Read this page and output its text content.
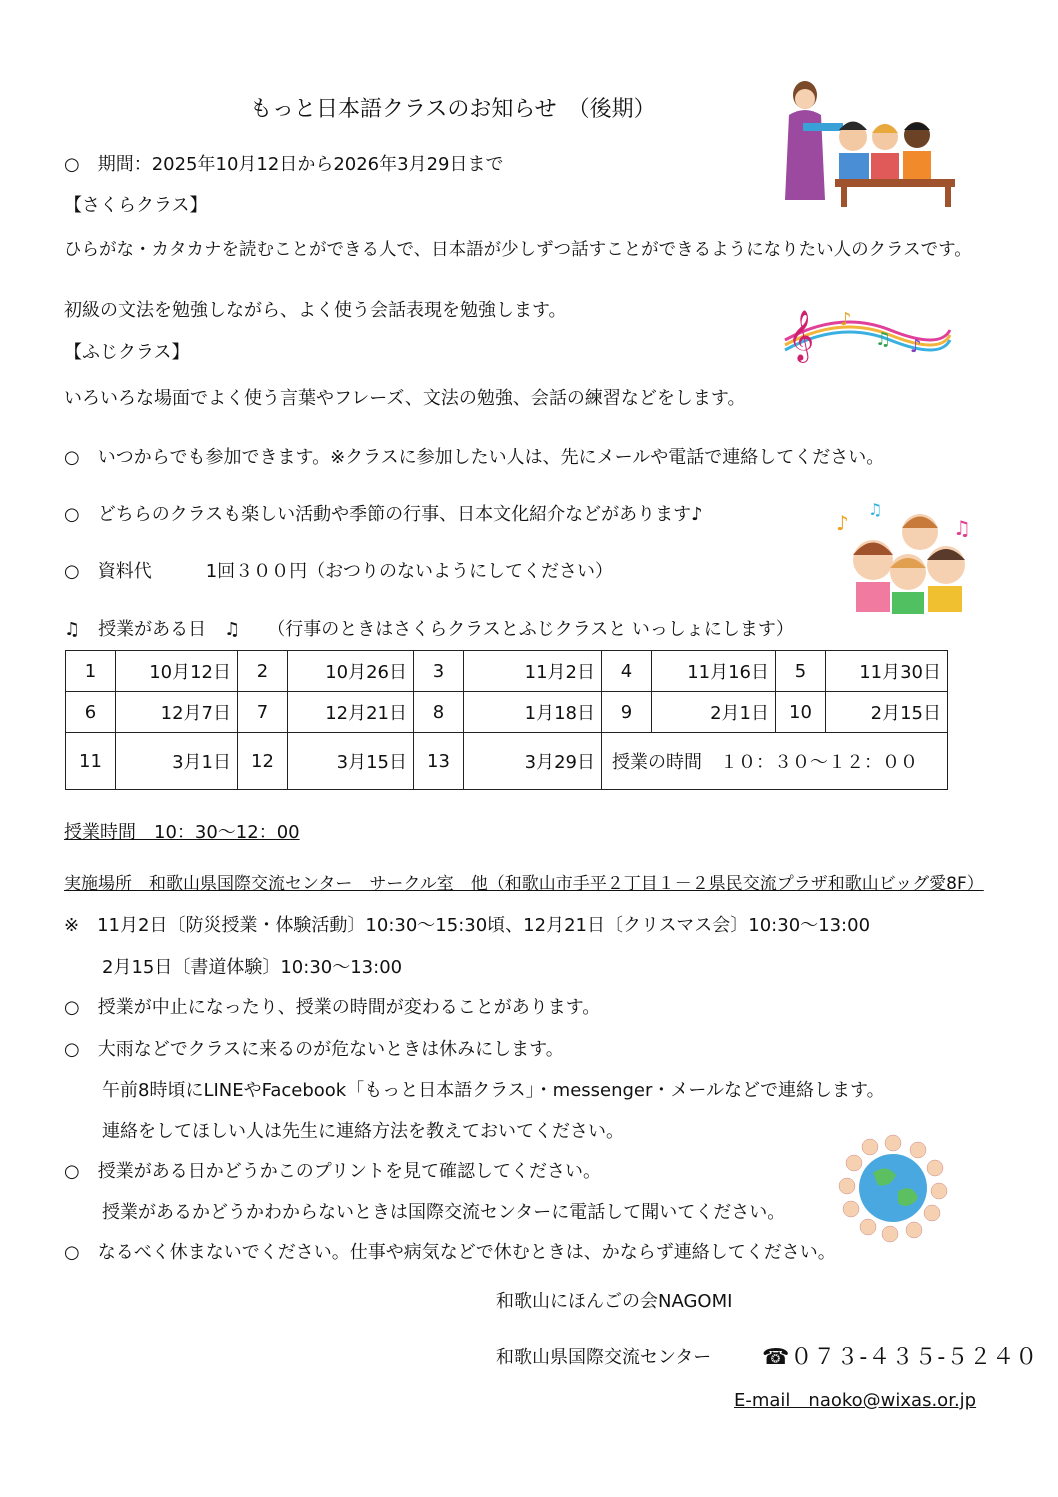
もっと日本語クラスのお知らせ　（後期）
○　期間：2025年10月12日から2026年3月29日まで
【さくらクラス】
ひらがな・カタカナを読むことができる人で、日本語が少しずつ話すことができるようになりたい人のクラスです。
初級の文法を勉強しながら、よく使う会話表現を勉強します。	𝄞 ♪
♫ ♪
【ふじクラス】
いろいろな場面でよく使う言葉やフレーズ、文法の勉強、会話の練習などをします。
○　いつからでも参加できます。※クラスに参加したい人は、先にメールや電話で連絡してください。
○　どちらのクラスも楽しい活動や季節の行事、日本文化紹介などがあります♪
○　資料代　　　1回３００円（おつりのないようにしてください）
♪
♫
♫
♫　授業がある日　♫　　（行事のときはさくらクラスとふじクラスと いっしょにします）
1	10月12日	2	10月26日	3	11月2日	4	11月16日	5	11月30日
6	12月7日	7	12月21日	8	1月18日	9	2月1日	10	2月15日
11	3月1日	12	3月15日	13	3月29日	授業の時間　１０：３０～１２：００			
授業時間　10：30～12：00
実施場所　和歌山県国際交流センター　サークル室　他（和歌山市手平２丁目１－２県民交流プラザ和歌山ビッグ愛8F）
※　11月2日〔防災授業・体験活動〕10:30～15:30頃、12月21日〔クリスマス会〕10:30～13:00
2月15日〔書道体験〕10:30～13:00
○　授業が中止になったり、授業の時間が変わることがあります。
○　大雨などでクラスに来るのが危ないときは休みにします。
午前8時頃にLINEやFacebook「もっと日本語クラス」・messenger・メールなどで連絡します。
連絡をしてほしい人は先生に連絡方法を教えておいてください。
○　授業がある日かどうかこのプリントを見て確認してください。
授業があるかどうかわからないときは国際交流センターに電話して聞いてください。
○　なるべく休まないでください。仕事や病気などで休むときは、かならず連絡してください。
和歌山にほんごの会NAGOMI
和歌山県国際交流センター ☎０７３-４３５-５２４０
E-mail　naoko@wixas.or.jp
